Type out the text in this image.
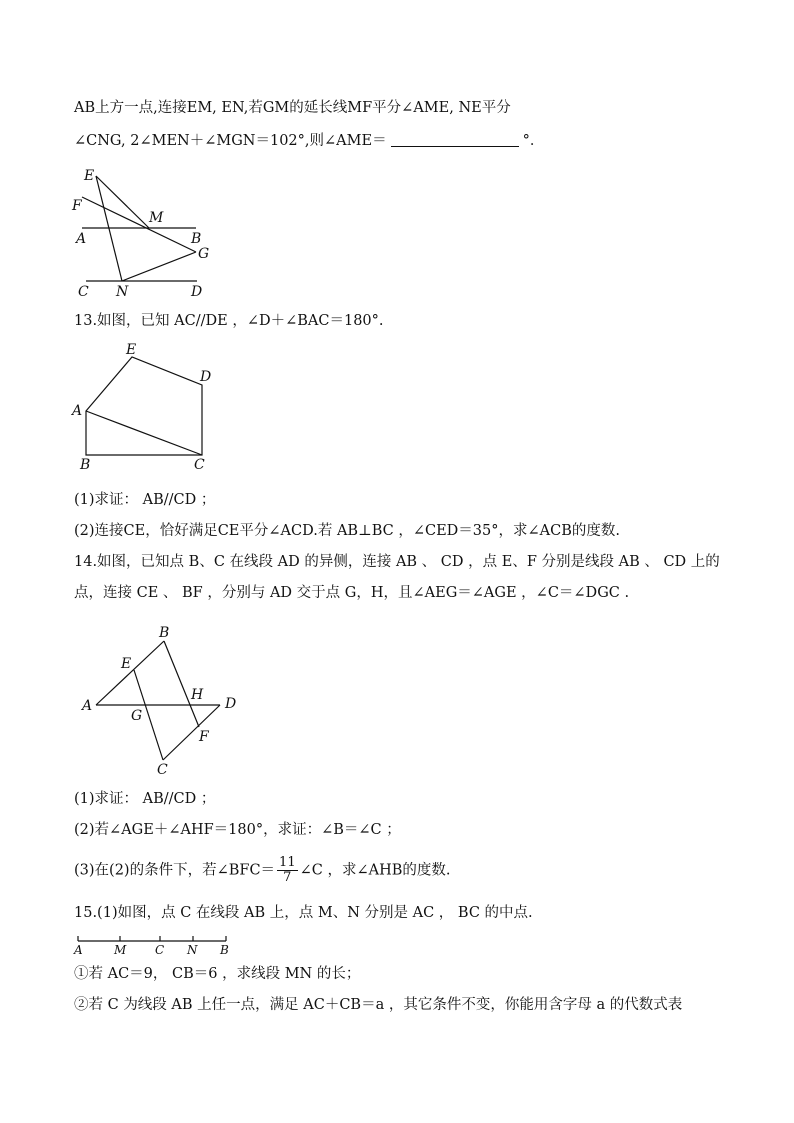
AB上方一点,连接EM, EN,若GM的延长线MF平分∠AME, NE平分
∠CNG, 2∠MEN＋∠MGN＝102°,则∠AME＝	°．
E
F
M
A	B
G
C N	D
E
D
A
B	C
B
E
H
D
A
G
F
C
A	M C N B
13.如图，已知 AC//DE ，∠D＋∠BAC＝180°.
(1)求证： AB//CD ；
(2)连接CE，恰好满足CE平分∠ACD.若 AB⊥BC ，∠CED＝35°，求∠ACB的度数.
14.如图，已知点 B、C 在线段 AD 的异侧，连接 AB 、 CD ，点 E、F 分别是线段 AB 、 CD 上的
点，连接 CE 、 BF ，分别与 AD 交于点 G，H，且∠AEG＝∠AGE ，∠C＝∠DGC .
(1)求证： AB//CD ；
(2)若∠AGE＋∠AHF＝180°，求证：∠B＝∠C ；
(3)在(2)的条件下，若∠BFC＝ $\frac{11}{7}$ ∠C ，求∠AHB的度数.
15.(1)如图，点 C 在线段 AB 上，点 M、N 分别是 AC ， BC 的中点.
①若 AC＝9， CB＝6 ，求线段 MN 的长；
②若 C 为线段 AB 上任一点，满足 AC＋CB＝a ，其它条件不变，你能用含字母 a 的代数式表
